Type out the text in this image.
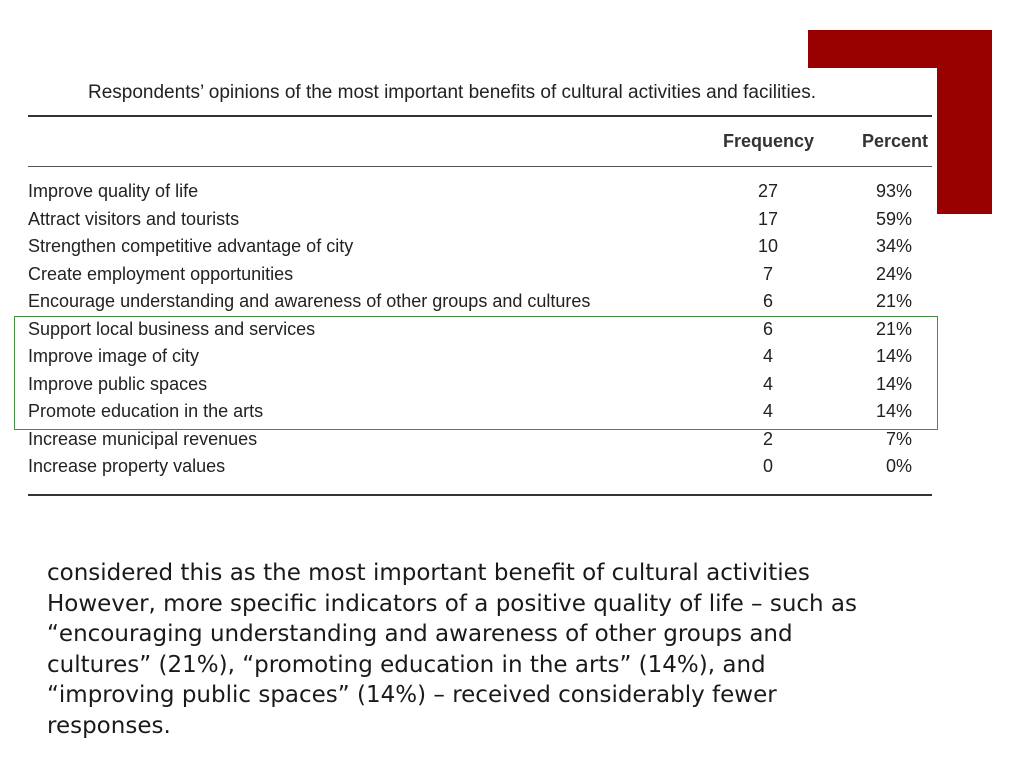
Respondents’ opinions of the most important benefits of cultural activities and facilities.
Frequency	Percent
Improve quality of life	27	93%
Attract visitors and tourists	17	59%
Strengthen competitive advantage of city	10	34%
Create employment opportunities	7	24%
Encourage understanding and awareness of other groups and cultures	6	21%
Support local business and services	6	21%
Improve image of city	4	14%
Improve public spaces	4	14%
Promote education in the arts	4	14%
Increase municipal revenues	2	7%
Increase property values	0	0%

considered this as the most important benefit of cultural activities

However, more specific indicators of a positive quality of life – such as

“encouraging understanding and awareness of other groups and

cultures” (21%), “promoting education in the arts” (14%), and

“improving public spaces” (14%) – received considerably fewer

responses.
